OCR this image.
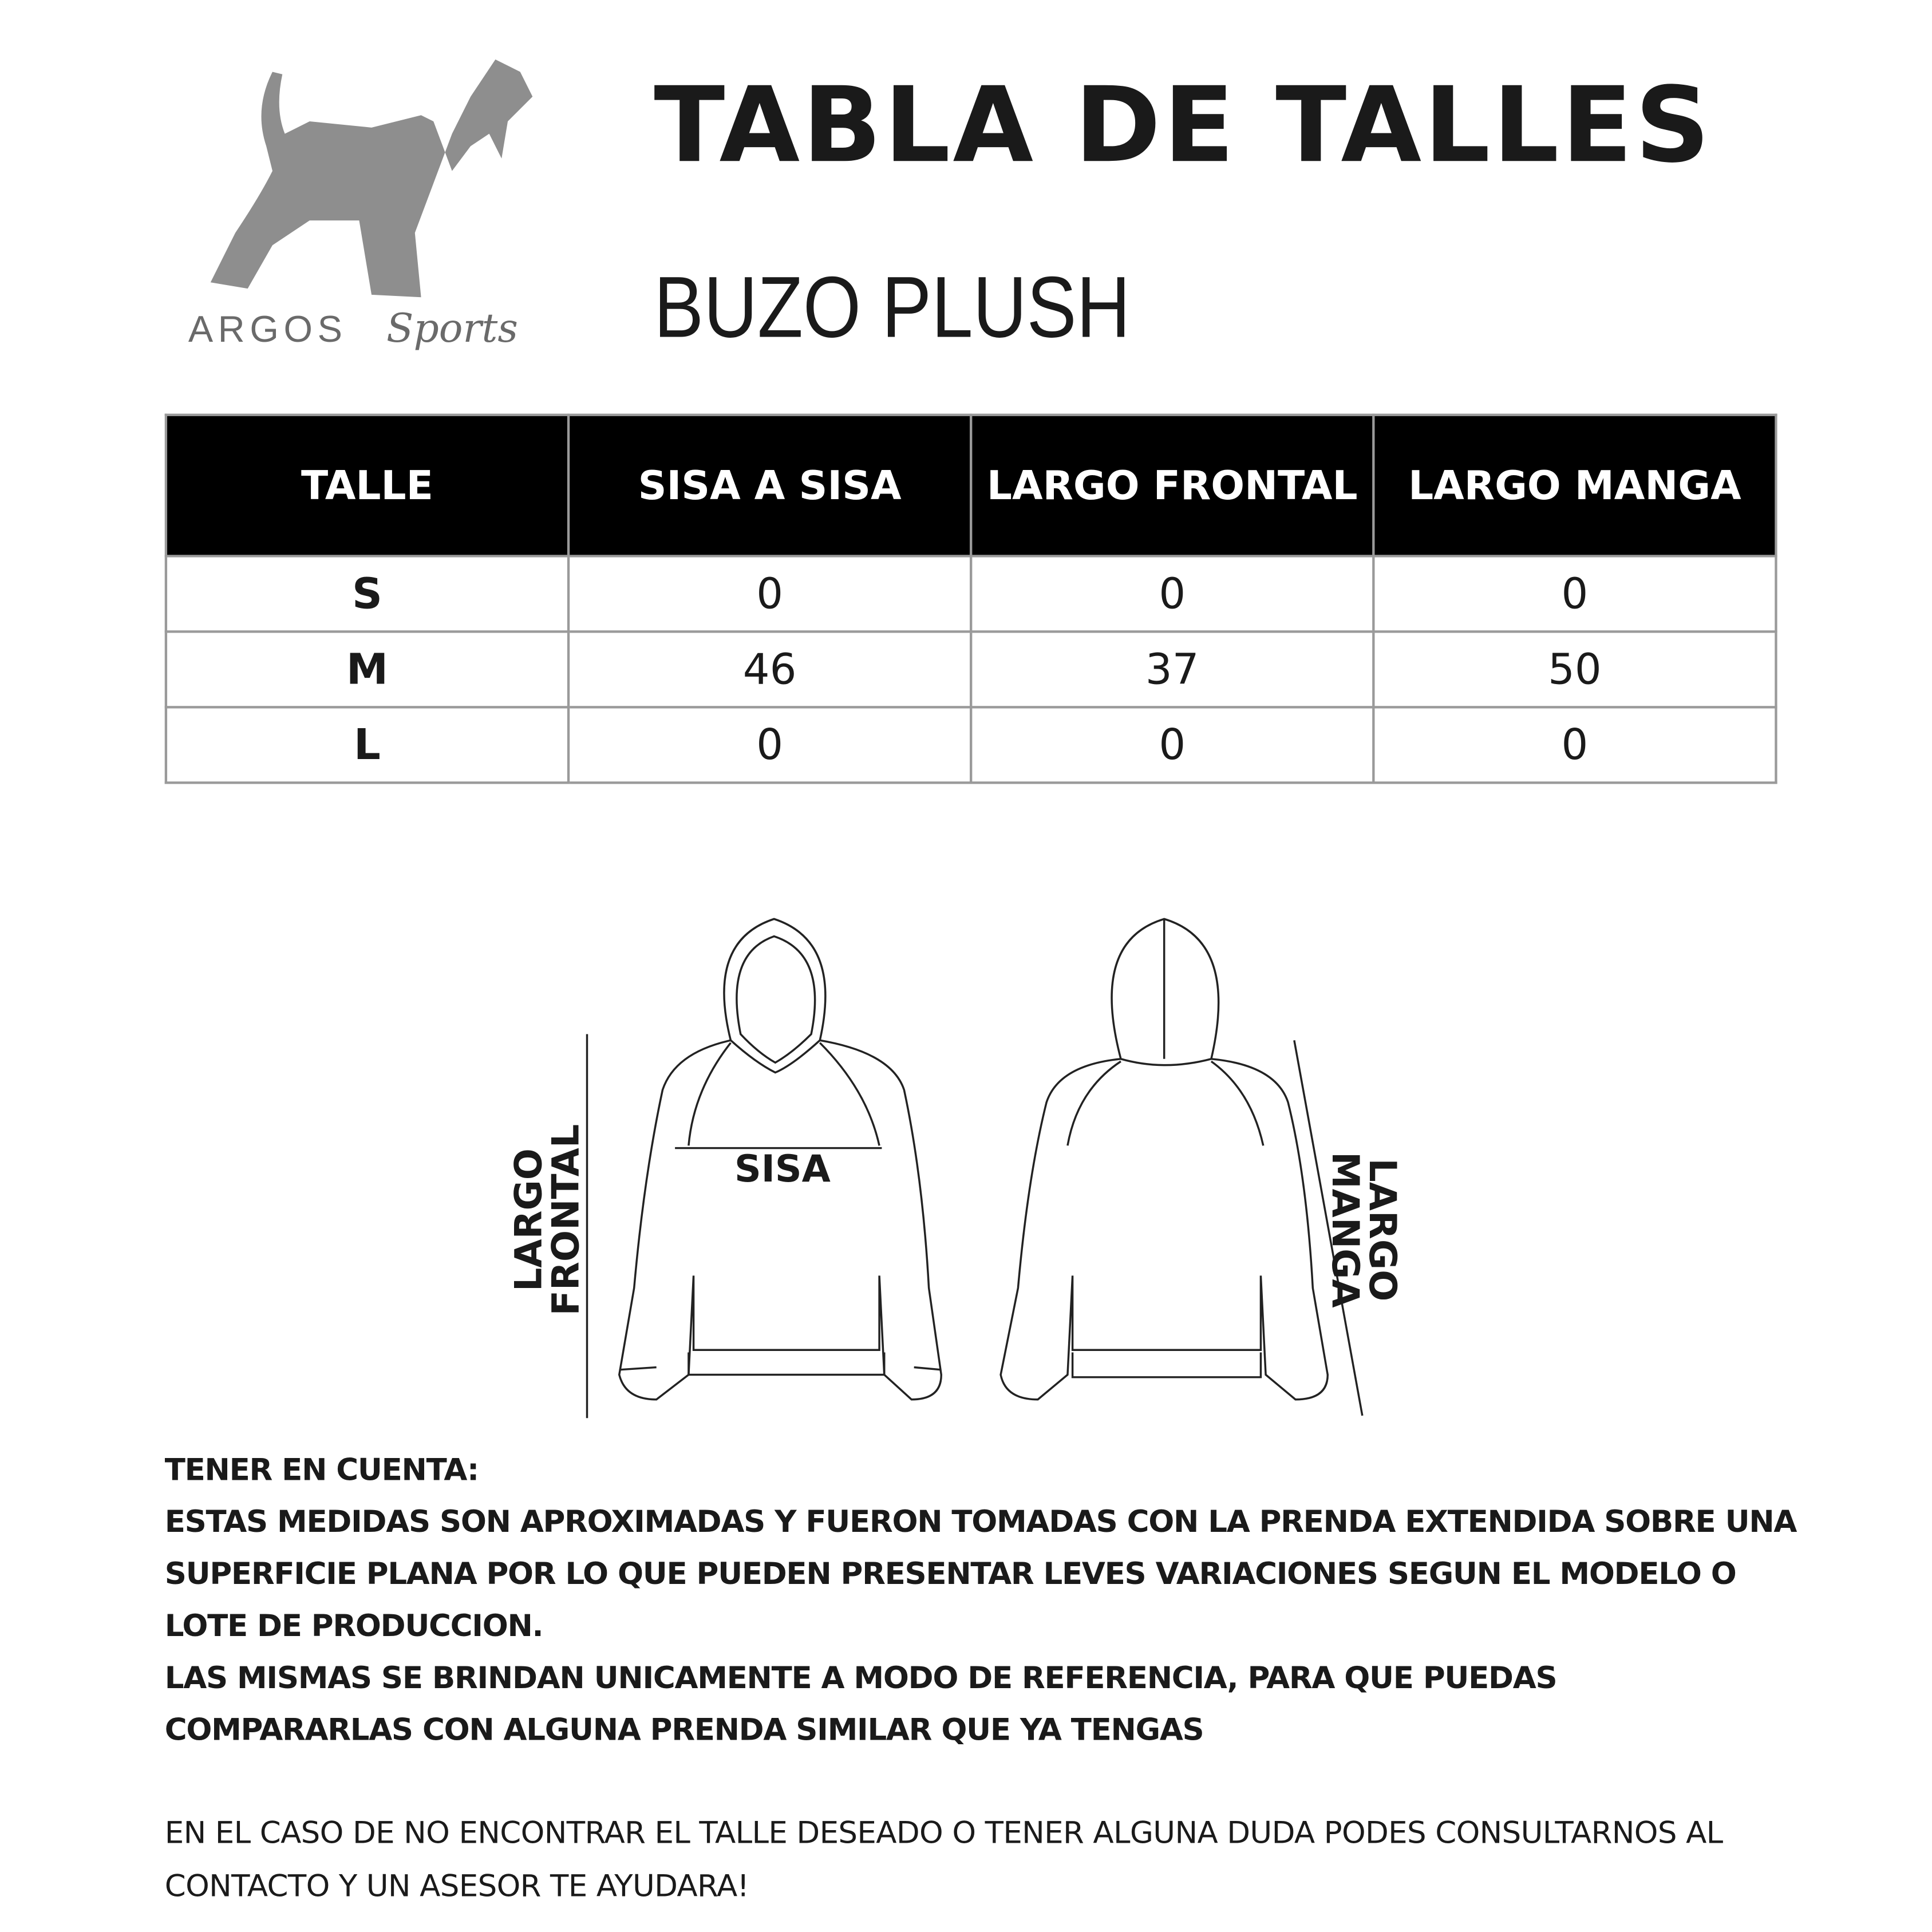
ARGOS Sports
TABLA DE TALLES
BUZO PLUSH
TALLE	SISA A SISA	LARGO FRONTAL	LARGO MANGA
S	0	0	0
M	46	37	50
L	0	0	0
LARGO
FRONTAL	SISA	LARGO
MANGA
TENER EN CUENTA:
ESTAS MEDIDAS SON APROXIMADAS Y FUERON TOMADAS CON LA PRENDA EXTENDIDA SOBRE UNA SUPERFICIE PLANA POR LO QUE PUEDEN PRESENTAR LEVES VARIACIONES SEGUN EL MODELO O LOTE DE PRODUCCION.
LAS MISMAS SE BRINDAN UNICAMENTE A MODO DE REFERENCIA, PARA QUE PUEDAS COMPARARLAS CON ALGUNA PRENDA SIMILAR QUE YA TENGAS
EN EL CASO DE NO ENCONTRAR EL TALLE DESEADO O TENER ALGUNA DUDA PODES CONSULTARNOS AL CONTACTO Y UN ASESOR TE AYUDARA!
